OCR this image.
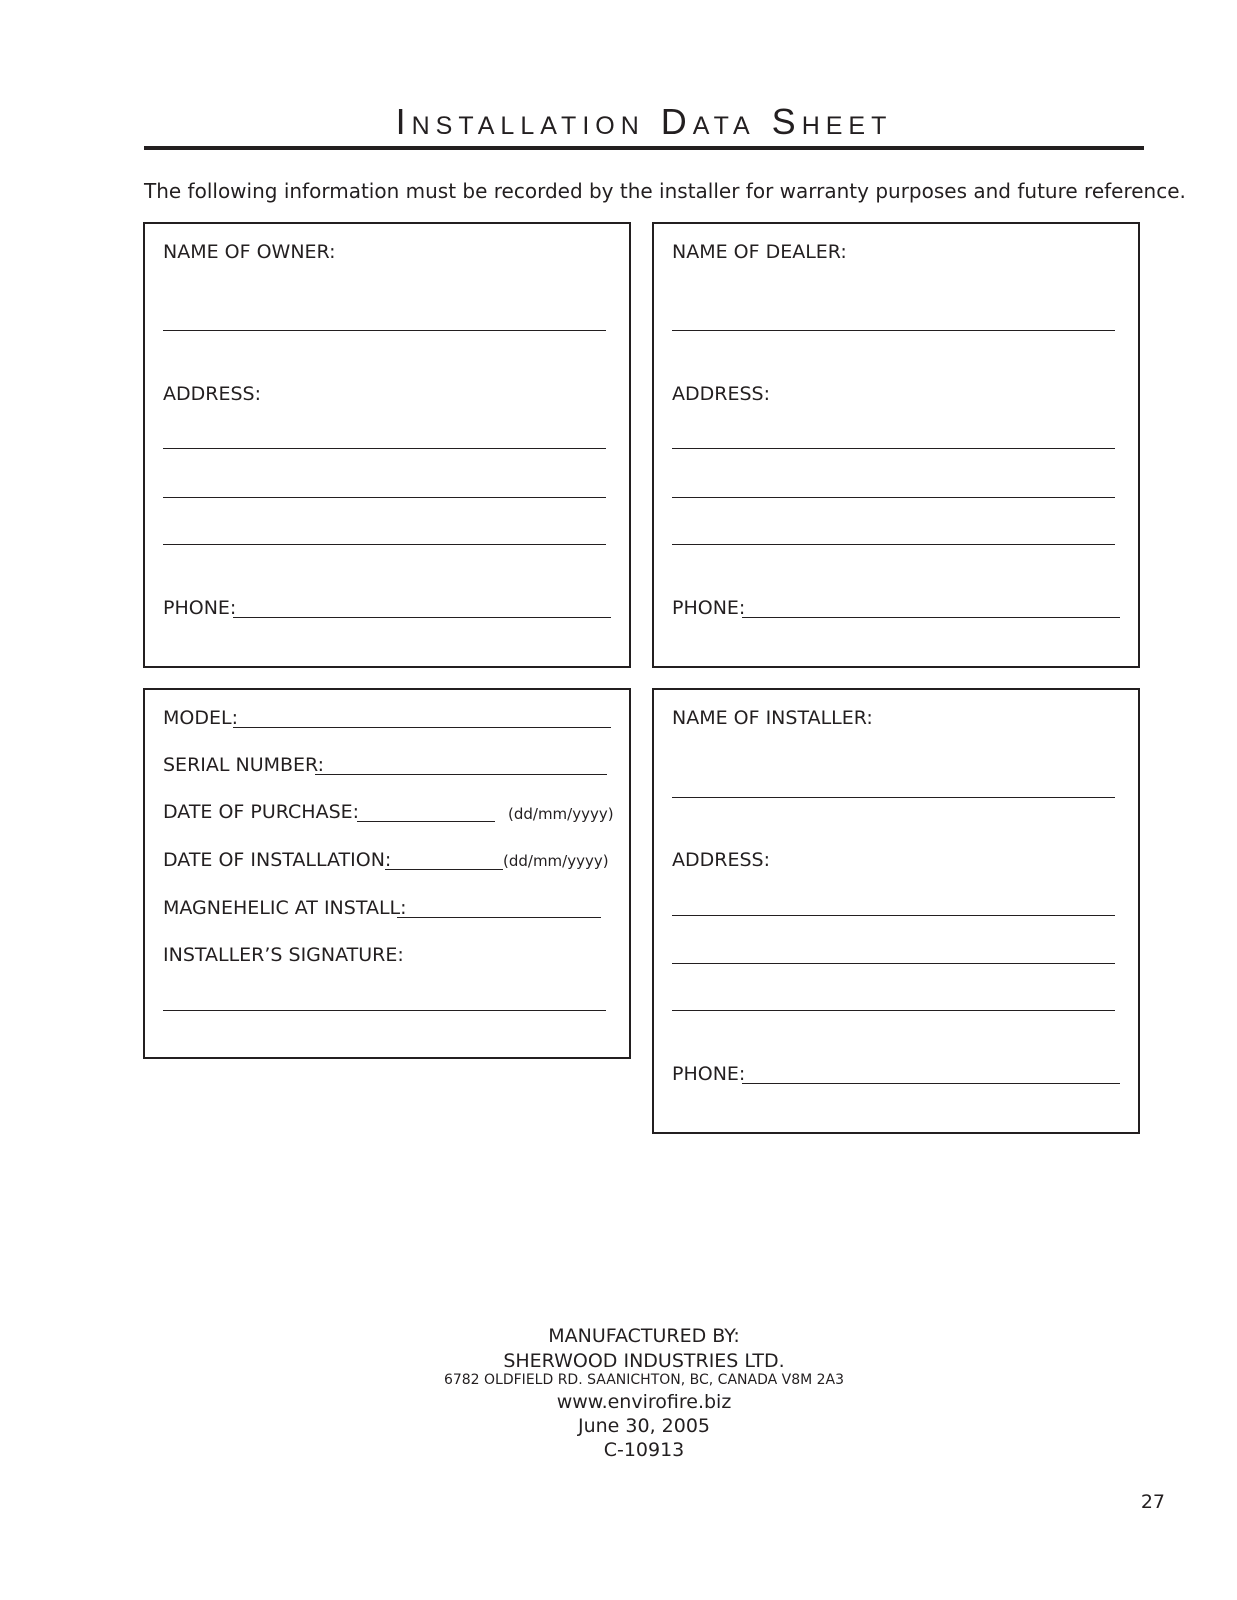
Installation Data Sheet
The following information must be recorded by the installer for warranty purposes and future reference.
NAME OF OWNER:
ADDRESS:
PHONE:
NAME OF DEALER:
ADDRESS:
PHONE:
MODEL:
SERIAL NUMBER:
DATE OF PURCHASE:	(dd/mm/yyyy)
DATE OF INSTALLATION:	(dd/mm/yyyy)
MAGNEHELIC AT INSTALL:
INSTALLER’S SIGNATURE:
NAME OF INSTALLER:
ADDRESS:
PHONE:
MANUFACTURED BY:
SHERWOOD INDUSTRIES LTD.
6782 OLDFIELD RD. SAANICHTON, BC, CANADA V8M 2A3
www.envirofire.biz
June 30, 2005
C-10913
27
